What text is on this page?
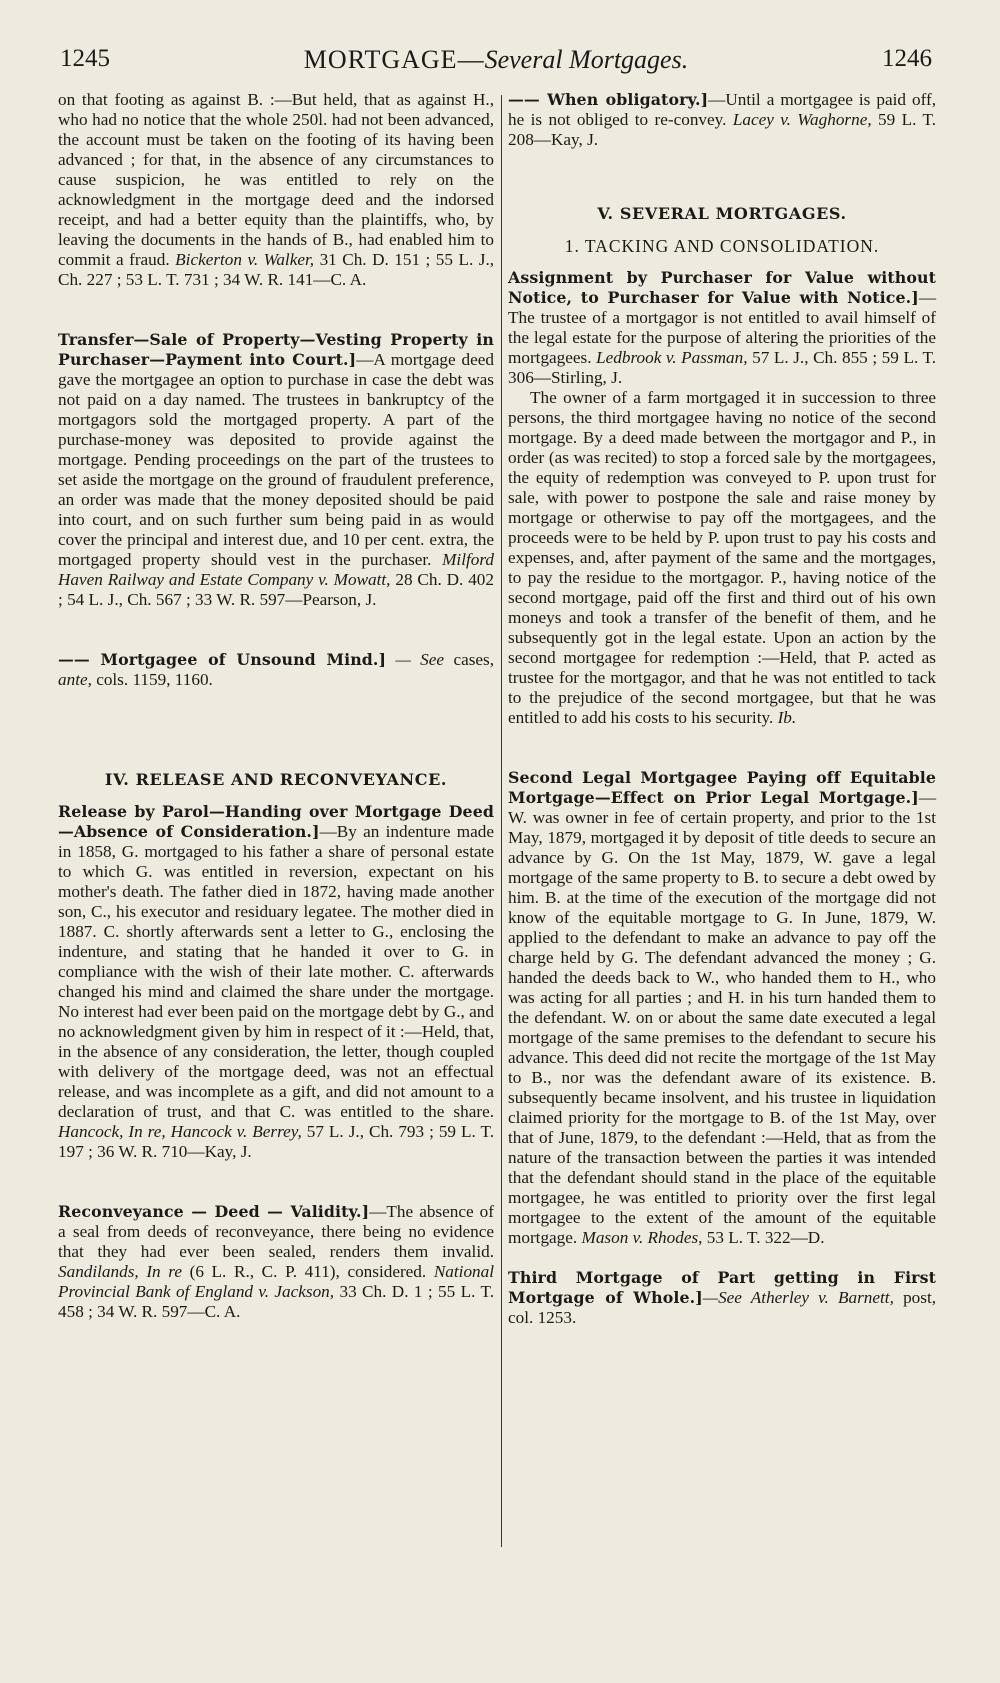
1245	MORTGAGE—Several Mortgages.	1246

on that footing as against B. :—But held, that as against H., who had no notice that the whole 250l. had not been advanced, the account must be taken on the footing of its having been advanced ; for that, in the absence of any circumstances to cause suspicion, he was entitled to rely on the acknowledgment in the mortgage deed and the indorsed receipt, and had a better equity than the plaintiffs, who, by leaving the documents in the hands of B., had enabled him to commit a fraud. Bickerton v. Walker, 31 Ch. D. 151 ; 55 L. J., Ch. 227 ; 53 L. T. 731 ; 34 W. R. 141—C. A.

Transfer—Sale of Property—Vesting Property in Purchaser—Payment into Court.]—A mortgage deed gave the mortgagee an option to purchase in case the debt was not paid on a day named. The trustees in bankruptcy of the mortgagors sold the mortgaged property. A part of the purchase-money was deposited to provide against the mortgage. Pending proceedings on the part of the trustees to set aside the mortgage on the ground of fraudulent preference, an order was made that the money deposited should be paid into court, and on such further sum being paid in as would cover the principal and interest due, and 10 per cent. extra, the mortgaged property should vest in the purchaser. Milford Haven Railway and Estate Company v. Mowatt, 28 Ch. D. 402 ; 54 L. J., Ch. 567 ; 33 W. R. 597—Pearson, J.

—— Mortgagee of Unsound Mind.] — See cases, ante, cols. 1159, 1160.

IV. RELEASE AND RECONVEYANCE.

Release by Parol—Handing over Mortgage Deed—Absence of Consideration.]—By an indenture made in 1858, G. mortgaged to his father a share of personal estate to which G. was entitled in reversion, expectant on his mother's death. The father died in 1872, having made another son, C., his executor and residuary legatee. The mother died in 1887. C. shortly afterwards sent a letter to G., enclosing the indenture, and stating that he handed it over to G. in compliance with the wish of their late mother. C. afterwards changed his mind and claimed the share under the mortgage. No interest had ever been paid on the mortgage debt by G., and no acknowledgment given by him in respect of it :—Held, that, in the absence of any consideration, the letter, though coupled with delivery of the mortgage deed, was not an effectual release, and was incomplete as a gift, and did not amount to a declaration of trust, and that C. was entitled to the share. Hancock, In re, Hancock v. Berrey, 57 L. J., Ch. 793 ; 59 L. T. 197 ; 36 W. R. 710—Kay, J.

Reconveyance — Deed — Validity.]—The absence of a seal from deeds of reconveyance, there being no evidence that they had ever been sealed, renders them invalid. Sandilands, In re (6 L. R., C. P. 411), considered. National Provincial Bank of England v. Jackson, 33 Ch. D. 1 ; 55 L. T. 458 ; 34 W. R. 597—C. A.

—— When obligatory.]—Until a mortgagee is paid off, he is not obliged to re-convey. Lacey v. Waghorne, 59 L. T. 208—Kay, J.

V. SEVERAL MORTGAGES.

1. TACKING AND CONSOLIDATION.

Assignment by Purchaser for Value without Notice, to Purchaser for Value with Notice.]—The trustee of a mortgagor is not entitled to avail himself of the legal estate for the purpose of altering the priorities of the mortgagees. Ledbrook v. Passman, 57 L. J., Ch. 855 ; 59 L. T. 306—Stirling, J.

The owner of a farm mortgaged it in succession to three persons, the third mortgagee having no notice of the second mortgage. By a deed made between the mortgagor and P., in order (as was recited) to stop a forced sale by the mortgagees, the equity of redemption was conveyed to P. upon trust for sale, with power to postpone the sale and raise money by mortgage or otherwise to pay off the mortgagees, and the proceeds were to be held by P. upon trust to pay his costs and expenses, and, after payment of the same and the mortgages, to pay the residue to the mortgagor. P., having notice of the second mortgage, paid off the first and third out of his own moneys and took a transfer of the benefit of them, and he subsequently got in the legal estate. Upon an action by the second mortgagee for redemption :—Held, that P. acted as trustee for the mortgagor, and that he was not entitled to tack to the prejudice of the second mortgagee, but that he was entitled to add his costs to his security. Ib.

Second Legal Mortgagee Paying off Equitable Mortgage—Effect on Prior Legal Mortgage.]—W. was owner in fee of certain property, and prior to the 1st May, 1879, mortgaged it by deposit of title deeds to secure an advance by G. On the 1st May, 1879, W. gave a legal mortgage of the same property to B. to secure a debt owed by him. B. at the time of the execution of the mortgage did not know of the equitable mortgage to G. In June, 1879, W. applied to the defendant to make an advance to pay off the charge held by G. The defendant advanced the money ; G. handed the deeds back to W., who handed them to H., who was acting for all parties ; and H. in his turn handed them to the defendant. W. on or about the same date executed a legal mortgage of the same premises to the defendant to secure his advance. This deed did not recite the mortgage of the 1st May to B., nor was the defendant aware of its existence. B. subsequently became insolvent, and his trustee in liquidation claimed priority for the mortgage to B. of the 1st May, over that of June, 1879, to the defendant :—Held, that as from the nature of the transaction between the parties it was intended that the defendant should stand in the place of the equitable mortgagee, he was entitled to priority over the first legal mortgagee to the extent of the amount of the equitable mortgage. Mason v. Rhodes, 53 L. T. 322—D.

Third Mortgage of Part getting in First Mortgage of Whole.]—See Atherley v. Barnett, post, col. 1253.
